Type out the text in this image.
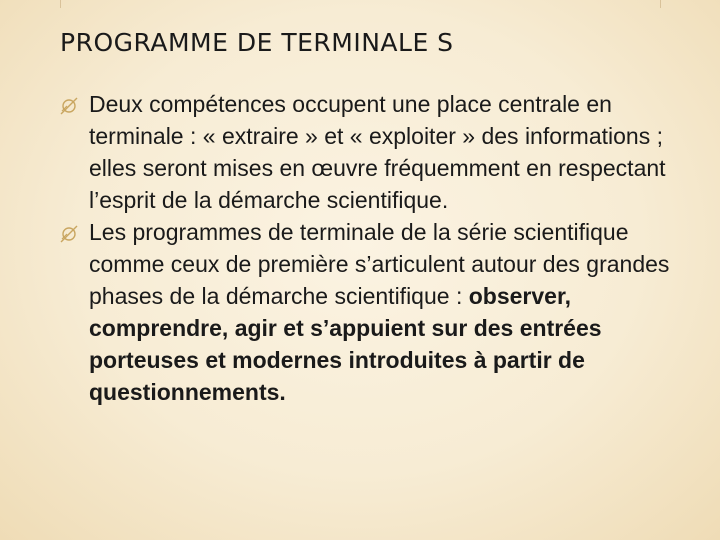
PROGRAMME DE TERMINALE S
Deux compétences occupent une place centrale en terminale : « extraire » et « exploiter » des informations ; elles seront mises en œuvre fréquemment en respectant l’esprit de la démarche scientifique.
Les programmes de terminale de la série scientifique comme ceux de première s’articulent autour des grandes phases de la démarche scientifique : observer, comprendre, agir et s’appuient sur des entrées porteuses et modernes introduites à partir de questionnements.
